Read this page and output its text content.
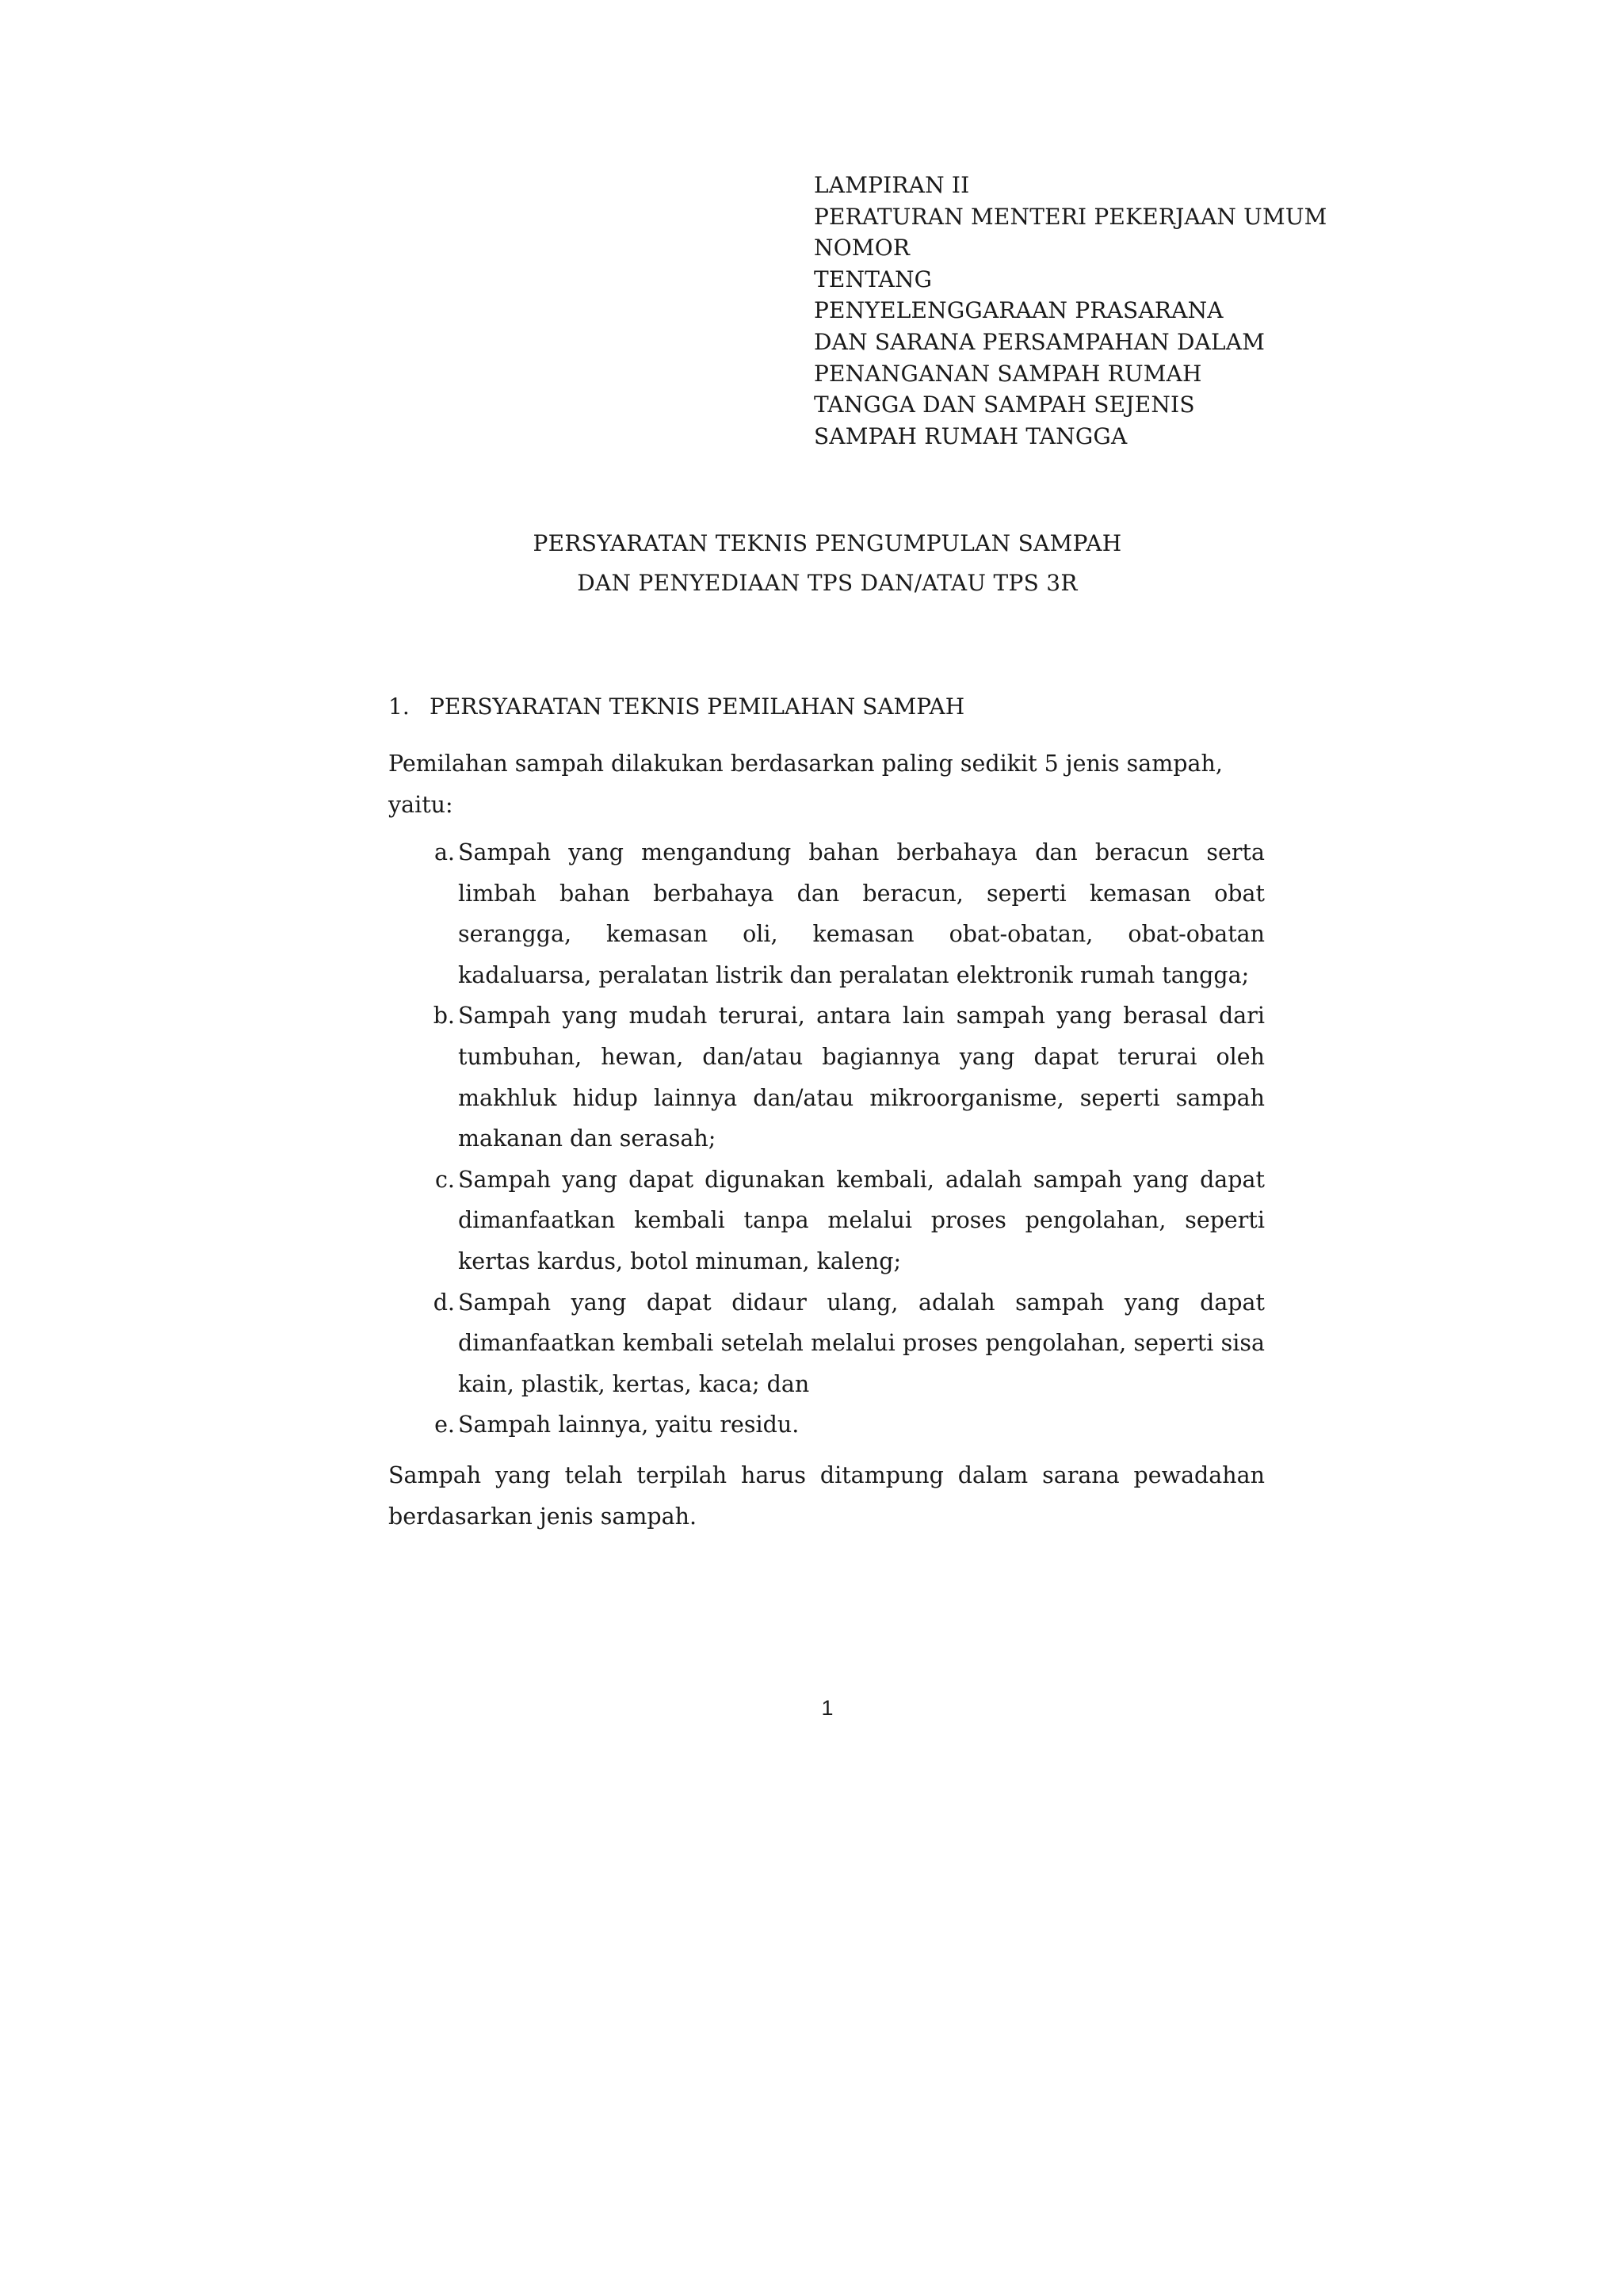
LAMPIRAN II
PERATURAN MENTERI PEKERJAAN UMUM
NOMOR
TENTANG
PENYELENGGARAAN PRASARANA
DAN SARANA PERSAMPAHAN DALAM
PENANGANAN SAMPAH RUMAH
TANGGA DAN SAMPAH SEJENIS
SAMPAH RUMAH TANGGA
PERSYARATAN TEKNIS PENGUMPULAN SAMPAH
DAN PENYEDIAAN TPS DAN/ATAU TPS 3R
1. PERSYARATAN TEKNIS PEMILAHAN SAMPAH
Pemilahan sampah dilakukan berdasarkan paling sedikit 5 jenis sampah, yaitu:
a. Sampah yang mengandung bahan berbahaya dan beracun serta limbah bahan berbahaya dan beracun, seperti kemasan obat serangga, kemasan oli, kemasan obat-obatan, obat-obatan kadaluarsa, peralatan listrik dan peralatan elektronik rumah tangga;
b. Sampah yang mudah terurai, antara lain sampah yang berasal dari tumbuhan, hewan, dan/atau bagiannya yang dapat terurai oleh makhluk hidup lainnya dan/atau mikroorganisme, seperti sampah makanan dan serasah;
c. Sampah yang dapat digunakan kembali, adalah sampah yang dapat dimanfaatkan kembali tanpa melalui proses pengolahan, seperti kertas kardus, botol minuman, kaleng;
d. Sampah yang dapat didaur ulang, adalah sampah yang dapat dimanfaatkan kembali setelah melalui proses pengolahan, seperti sisa kain, plastik, kertas, kaca; dan
e. Sampah lainnya, yaitu residu.
Sampah yang telah terpilah harus ditampung dalam sarana pewadahan berdasarkan jenis sampah.
1
